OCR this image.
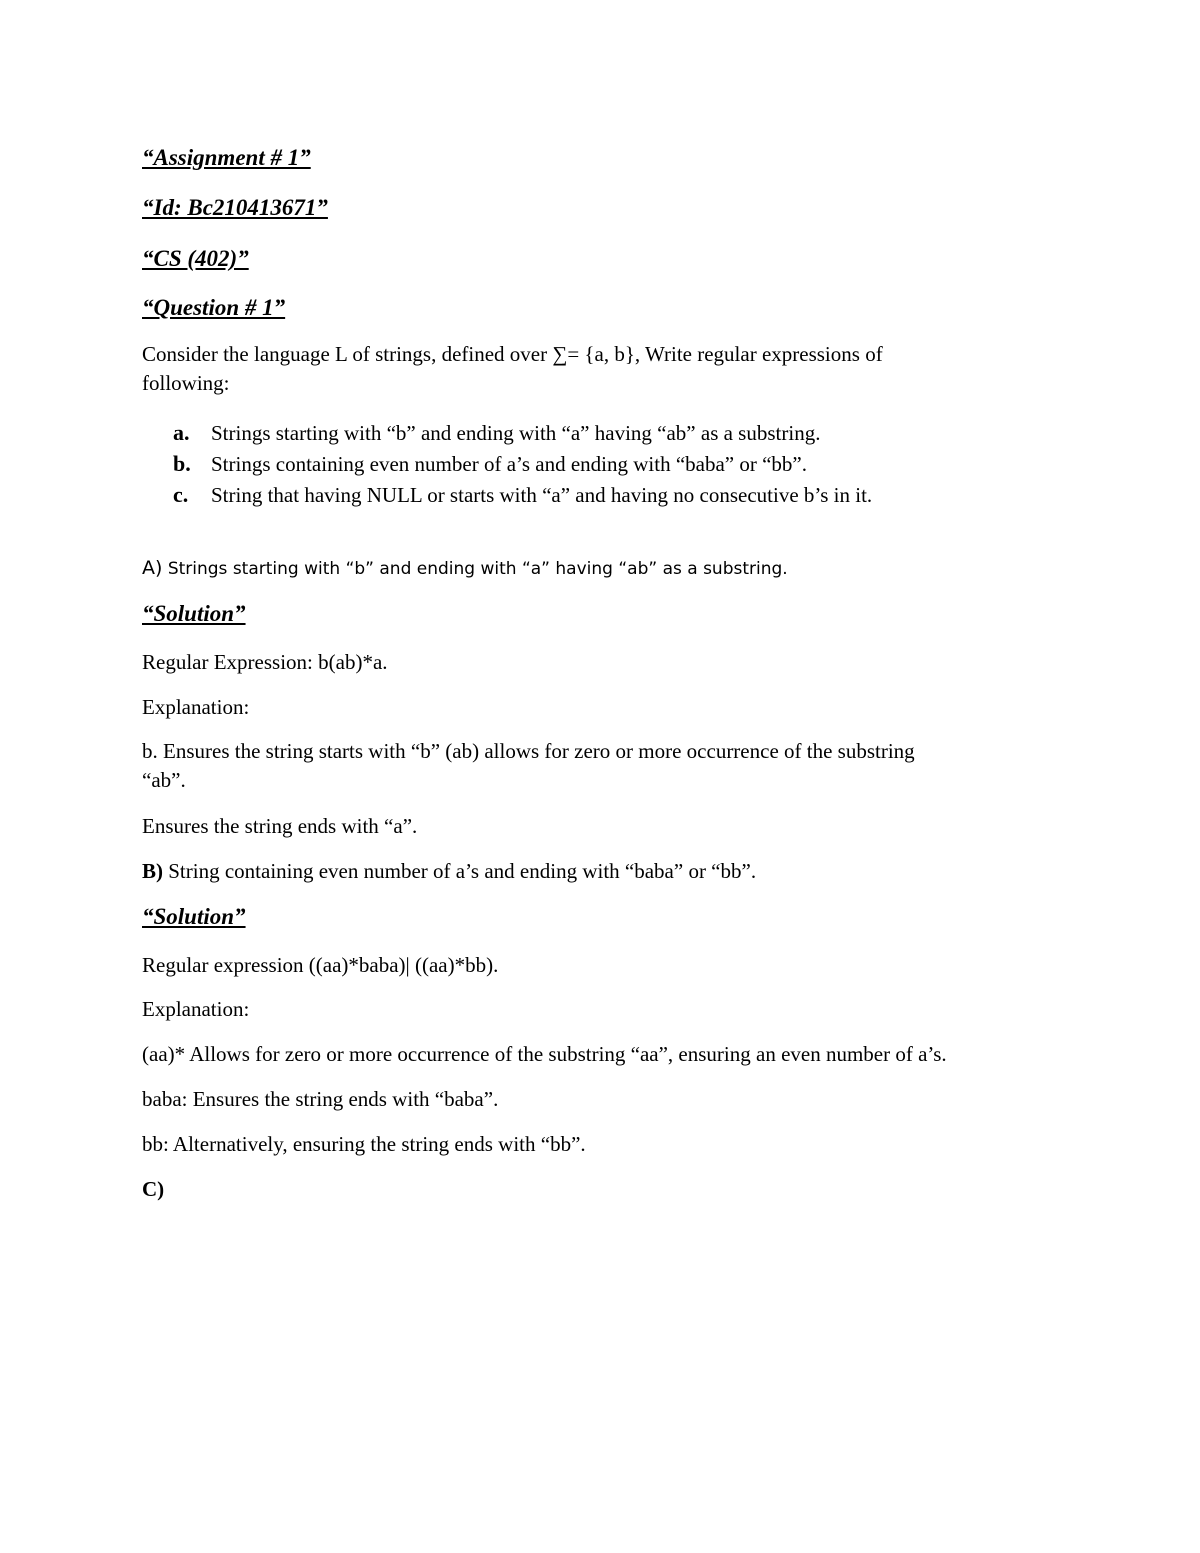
“Assignment # 1”

“Id: Bc210413671”

“CS (402)”

“Question # 1”

Consider the language L of strings, defined over ∑= {a, b}, Write regular expressions of

following:

a. Strings starting with “b” and ending with “a” having “ab” as a substring.

b. Strings containing even number of a’s and ending with “baba” or “bb”.

c. String that having NULL or starts with “a” and having no consecutive b’s in it.

A) Strings starting with “b” and ending with “a” having “ab” as a substring.

“Solution”

Regular Expression: b(ab)*a.

Explanation:

b. Ensures the string starts with “b” (ab) allows for zero or more occurrence of the substring

“ab”.

Ensures the string ends with “a”.

B) String containing even number of a’s and ending with “baba” or “bb”.

“Solution”

Regular expression ((aa)*baba)| ((aa)*bb).

Explanation:

(aa)* Allows for zero or more occurrence of the substring “aa”, ensuring an even number of a’s.

baba: Ensures the string ends with “baba”.

bb: Alternatively, ensuring the string ends with “bb”.

C)
